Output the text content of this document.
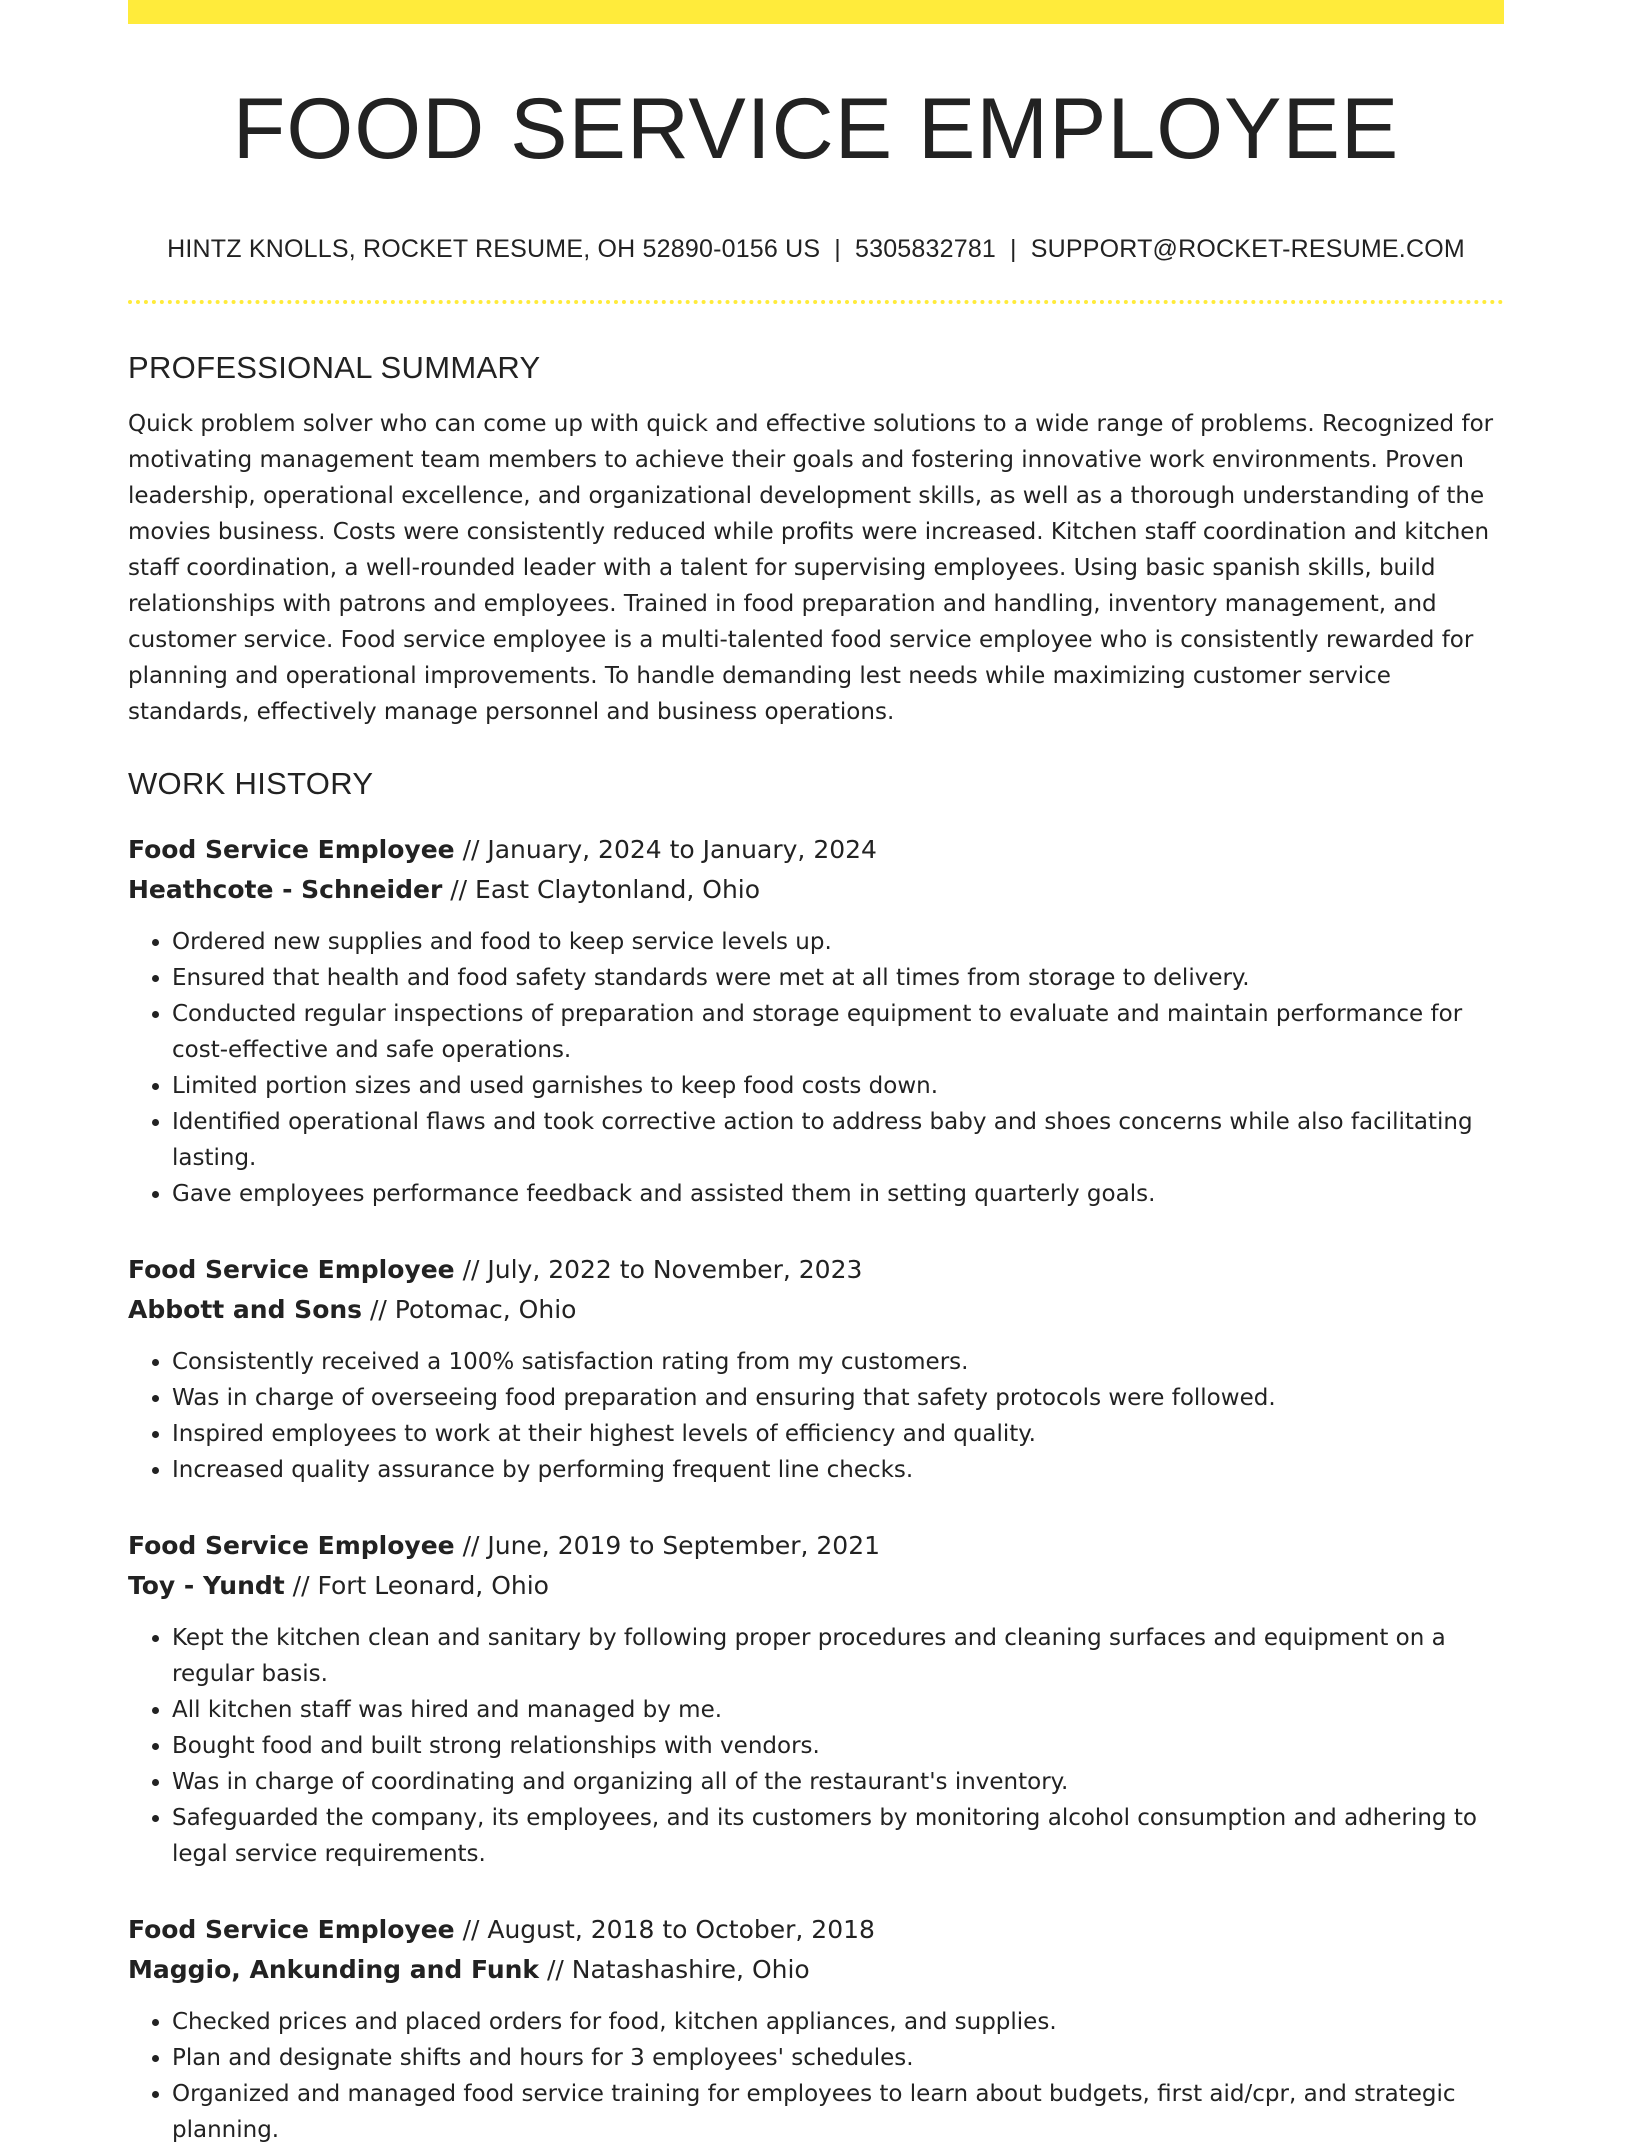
FOOD SERVICE EMPLOYEE
HINTZ KNOLLS, ROCKET RESUME, OH 52890-0156 US | 5305832781 | SUPPORT@ROCKET-RESUME.COM
PROFESSIONAL SUMMARY

Quick problem solver who can come up with quick and effective solutions to a wide range of problems. Recognized for motivating management team members to achieve their goals and fostering innovative work environments. Proven leadership, operational excellence, and organizational development skills, as well as a thorough understanding of the movies business. Costs were consistently reduced while profits were increased. Kitchen staff coordination and kitchen staff coordination, a well-rounded leader with a talent for supervising employees. Using basic spanish skills, build relationships with patrons and employees. Trained in food preparation and handling, inventory management, and customer service. Food service employee is a multi-talented food service employee who is consistently rewarded for planning and operational improvements. To handle demanding lest needs while maximizing customer service standards, effectively manage personnel and business operations.

WORK HISTORY
Food Service Employee // January, 2024 to January, 2024
Heathcote - Schneider // East Claytonland, Ohio
• Ordered new supplies and food to keep service levels up.
• Ensured that health and food safety standards were met at all times from storage to delivery.
• Conducted regular inspections of preparation and storage equipment to evaluate and maintain performance for cost-effective and safe operations.
• Limited portion sizes and used garnishes to keep food costs down.
• Identified operational flaws and took corrective action to address baby and shoes concerns while also facilitating lasting.
• Gave employees performance feedback and assisted them in setting quarterly goals.
Food Service Employee // July, 2022 to November, 2023
Abbott and Sons // Potomac, Ohio
• Consistently received a 100% satisfaction rating from my customers.
• Was in charge of overseeing food preparation and ensuring that safety protocols were followed.
• Inspired employees to work at their highest levels of efficiency and quality.
• Increased quality assurance by performing frequent line checks.
Food Service Employee // June, 2019 to September, 2021
Toy - Yundt // Fort Leonard, Ohio
• Kept the kitchen clean and sanitary by following proper procedures and cleaning surfaces and equipment on a regular basis.
• All kitchen staff was hired and managed by me.
• Bought food and built strong relationships with vendors.
• Was in charge of coordinating and organizing all of the restaurant's inventory.
• Safeguarded the company, its employees, and its customers by monitoring alcohol consumption and adhering to legal service requirements.
Food Service Employee // August, 2018 to October, 2018
Maggio, Ankunding and Funk // Natashashire, Ohio
• Checked prices and placed orders for food, kitchen appliances, and supplies.
• Plan and designate shifts and hours for 3 employees' schedules.
• Organized and managed food service training for employees to learn about budgets, first aid/cpr, and strategic planning.
